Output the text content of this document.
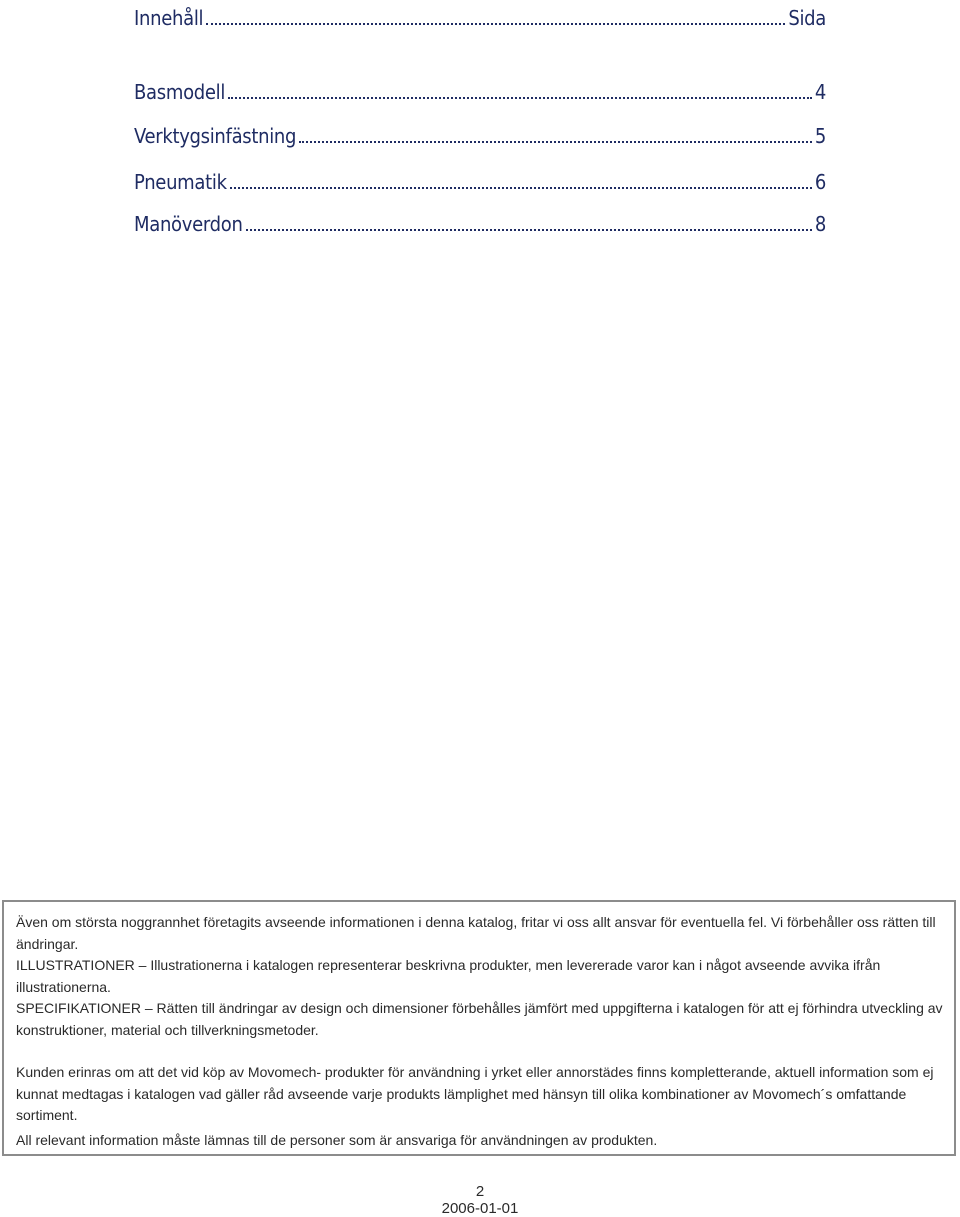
Innehåll	Sida
Basmodell	4
Verktygsinfästning	5
Pneumatik	6
Manöverdon	8
Även om största noggrannhet företagits avseende informationen i denna katalog, fritar vi oss allt ansvar för eventuella fel. Vi förbehåller oss rätten till ändringar.
ILLUSTRATIONER – Illustrationerna i katalogen representerar beskrivna produkter, men levererade varor kan i något avseende avvika ifrån illustrationerna.
SPECIFIKATIONER – Rätten till ändringar av design och dimensioner förbehålles jämfört med uppgifterna i katalogen för att ej förhindra utveckling av konstruktioner, material och tillverkningsmetoder.
Kunden erinras om att det vid köp av Movomech- produkter för användning i yrket eller annorstädes finns kompletterande, aktuell information som ej kunnat medtagas i katalogen vad gäller råd avseende varje produkts lämplighet med hänsyn till olika kombinationer av Movomech´s omfattande sortiment.
All relevant information måste lämnas till de personer som är ansvariga för användningen av produkten.
2
2006-01-01
